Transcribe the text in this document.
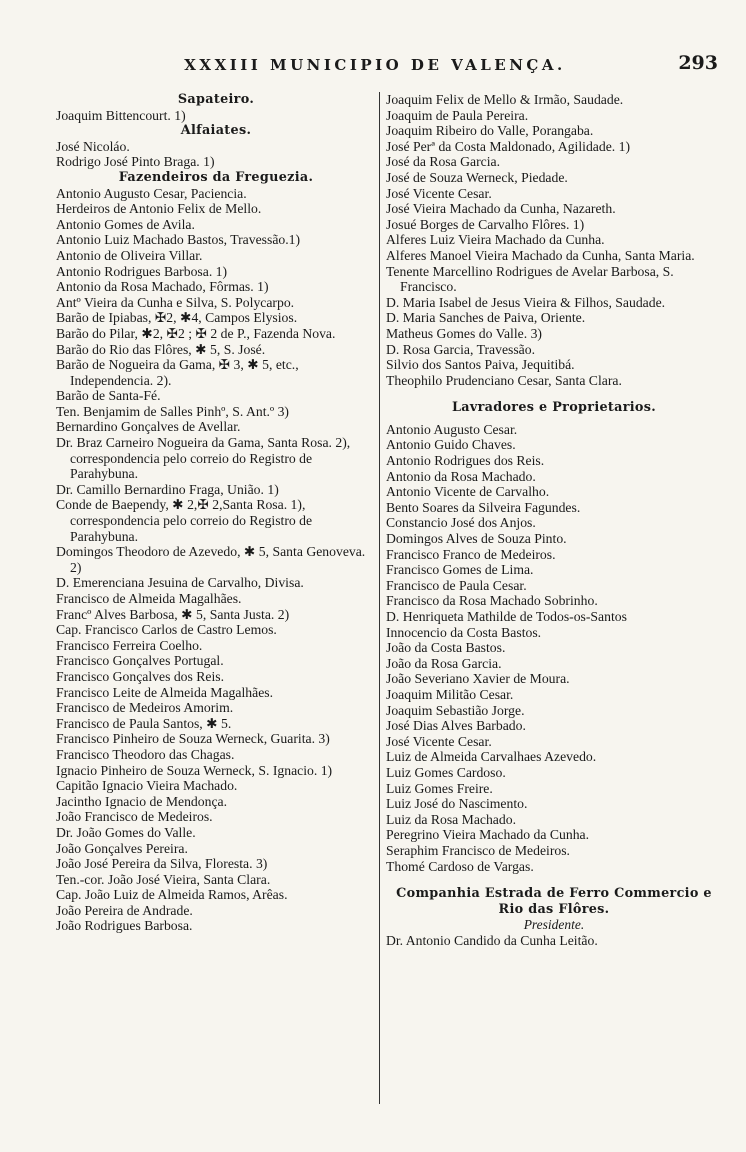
XXXIII MUNICIPIO DE VALENÇA.	293
Sapateiro.
Joaquim Bittencourt. 1)
Alfaiates.
José Nicoláo.
Rodrigo José Pinto Braga. 1)
Fazendeiros da Freguezia.
Antonio Augusto Cesar, Paciencia.
Herdeiros de Antonio Felix de Mello.
Antonio Gomes de Avila.
Antonio Luiz Machado Bastos, Travessão.1)
Antonio de Oliveira Villar.
Antonio Rodrigues Barbosa. 1)
Antonio da Rosa Machado, Fôrmas. 1)
Antº Vieira da Cunha e Silva, S. Polycarpo.
Barão de Ipiabas, ✠2, ✱4, Campos Elysios.
Barão do Pilar, ✱2, ✠2 ; ✠ 2 de P., Fazenda Nova.
Barão do Rio das Flôres, ✱ 5, S. José.
Barão de Nogueira da Gama, ✠ 3, ✱ 5, etc., Independencia. 2).
Barão de Santa-Fé.
Ten. Benjamim de Salles Pinhº, S. Ant.º 3)
Bernardino Gonçalves de Avellar.
Dr. Braz Carneiro Nogueira da Gama, Santa Rosa. 2), correspondencia pelo correio do Registro de Parahybuna.
Dr. Camillo Bernardino Fraga, União. 1)
Conde de Baependy, ✱ 2,✠ 2,Santa Rosa. 1), correspondencia pelo correio do Registro de Parahybuna.
Domingos Theodoro de Azevedo, ✱ 5, Santa Genoveva. 2)
D. Emerenciana Jesuina de Carvalho, Divisa.
Francisco de Almeida Magalhães.
Francº Alves Barbosa, ✱ 5, Santa Justa. 2)
Cap. Francisco Carlos de Castro Lemos.
Francisco Ferreira Coelho.
Francisco Gonçalves Portugal.
Francisco Gonçalves dos Reis.
Francisco Leite de Almeida Magalhães.
Francisco de Medeiros Amorim.
Francisco de Paula Santos, ✱ 5.
Francisco Pinheiro de Souza Werneck, Guarita. 3)
Francisco Theodoro das Chagas.
Ignacio Pinheiro de Souza Werneck, S. Ignacio. 1)
Capitão Ignacio Vieira Machado.
Jacintho Ignacio de Mendonça.
João Francisco de Medeiros.
Dr. João Gomes do Valle.
João Gonçalves Pereira.
João José Pereira da Silva, Floresta. 3)
Ten.-cor. João José Vieira, Santa Clara.
Cap. João Luiz de Almeida Ramos, Arêas.
João Pereira de Andrade.
João Rodrigues Barbosa.
Joaquim Felix de Mello & Irmão, Saudade.
Joaquim de Paula Pereira.
Joaquim Ribeiro do Valle, Porangaba.
José Perª da Costa Maldonado, Agilidade. 1)
José da Rosa Garcia.
José de Souza Werneck, Piedade.
José Vicente Cesar.
José Vieira Machado da Cunha, Nazareth.
Josué Borges de Carvalho Flôres. 1)
Alferes Luiz Vieira Machado da Cunha.
Alferes Manoel Vieira Machado da Cunha, Santa Maria.
Tenente Marcellino Rodrigues de Avelar Barbosa, S. Francisco.
D. Maria Isabel de Jesus Vieira & Filhos, Saudade.
D. Maria Sanches de Paiva, Oriente.
Matheus Gomes do Valle. 3)
D. Rosa Garcia, Travessão.
Silvio dos Santos Paiva, Jequitibá.
Theophilo Prudenciano Cesar, Santa Clara.
Lavradores e Proprietarios.
Antonio Augusto Cesar.
Antonio Guido Chaves.
Antonio Rodrigues dos Reis.
Antonio da Rosa Machado.
Antonio Vicente de Carvalho.
Bento Soares da Silveira Fagundes.
Constancio José dos Anjos.
Domingos Alves de Souza Pinto.
Francisco Franco de Medeiros.
Francisco Gomes de Lima.
Francisco de Paula Cesar.
Francisco da Rosa Machado Sobrinho.
D. Henriqueta Mathilde de Todos-os-Santos
Innocencio da Costa Bastos.
João da Costa Bastos.
João da Rosa Garcia.
João Severiano Xavier de Moura.
Joaquim Militão Cesar.
Joaquim Sebastião Jorge.
José Dias Alves Barbado.
José Vicente Cesar.
Luiz de Almeida Carvalhaes Azevedo.
Luiz Gomes Cardoso.
Luiz Gomes Freire.
Luiz José do Nascimento.
Luiz da Rosa Machado.
Peregrino Vieira Machado da Cunha.
Seraphim Francisco de Medeiros.
Thomé Cardoso de Vargas.
Companhia Estrada de Ferro Commercio e Rio das Flôres.
Presidente.
Dr. Antonio Candido da Cunha Leitão.
